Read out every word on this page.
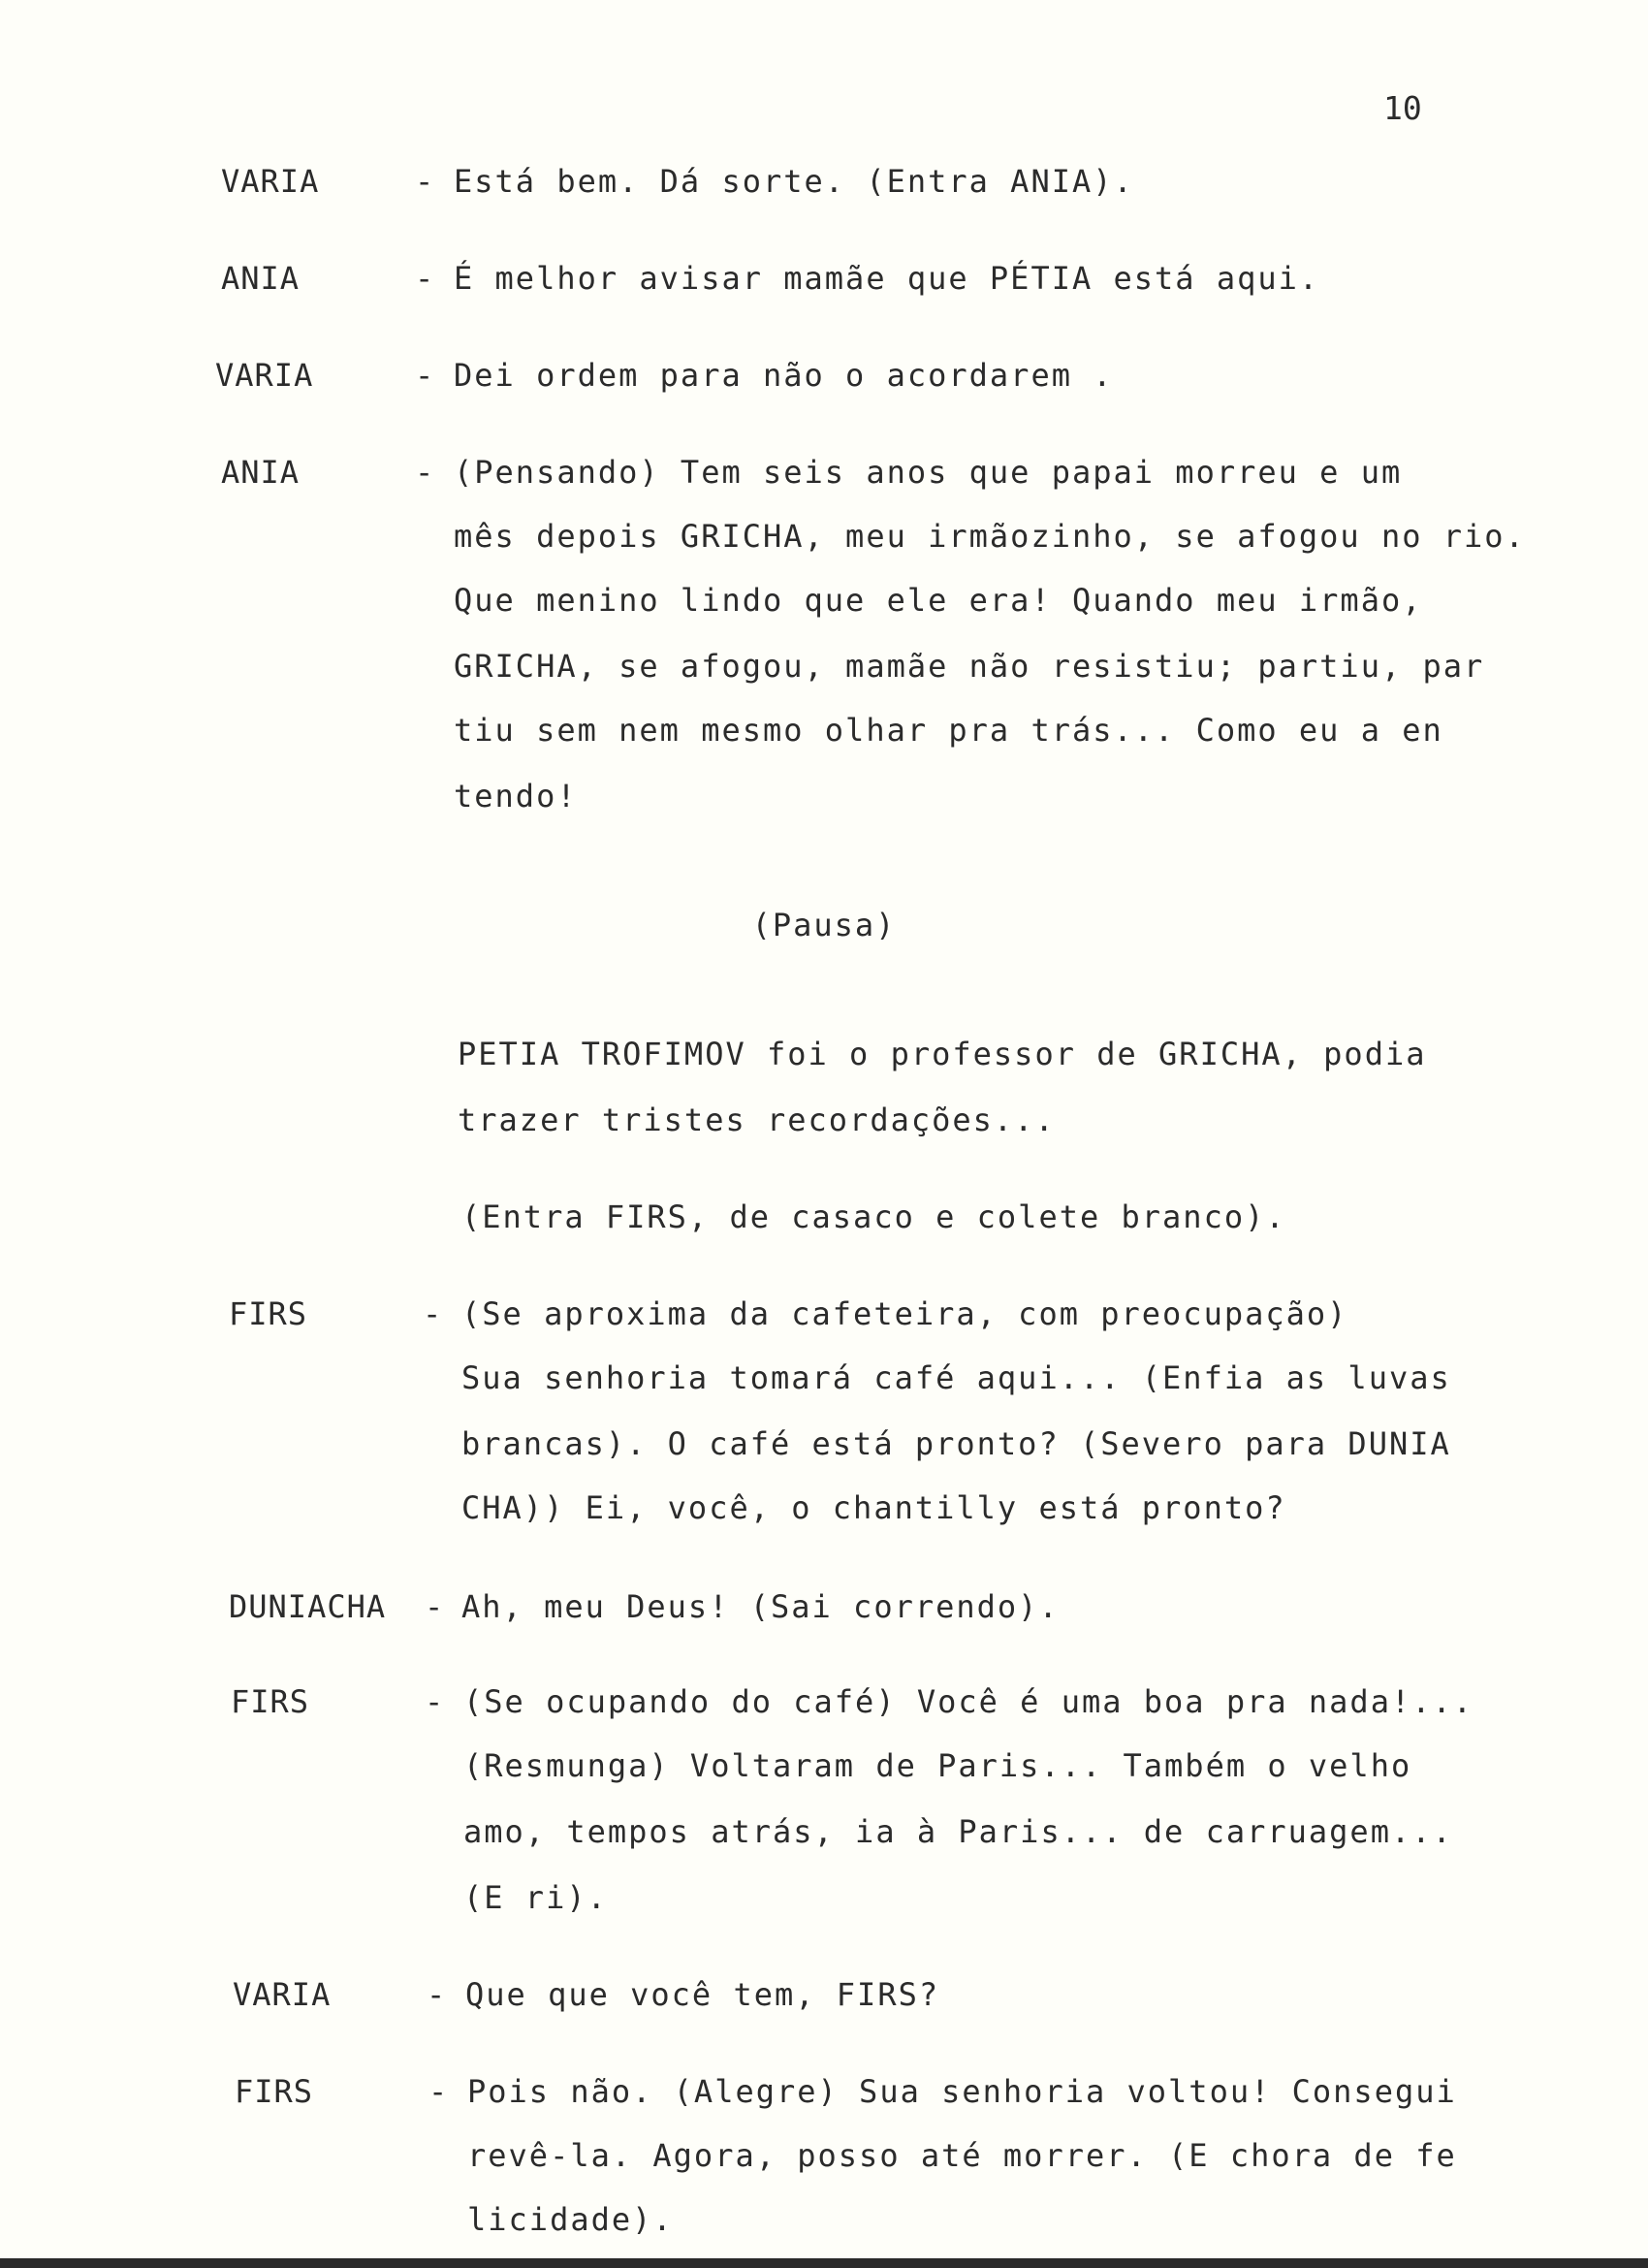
10
VARIA	- Está bem. Dá sorte. (Entra ANIA).
ANIA	- É melhor avisar mamãe que PÉTIA está aqui.
VARIA	- Dei ordem para não o acordarem .
ANIA	- (Pensando) Tem seis anos que papai morreu e um
mês depois GRICHA, meu irmãozinho, se afogou no rio.
Que menino lindo que ele era! Quando meu irmão,
GRICHA, se afogou, mamãe não resistiu; partiu, par
tiu sem nem mesmo olhar pra trás... Como eu a en
tendo!
(Pausa)
PETIA TROFIMOV foi o professor de GRICHA, podia
trazer tristes recordações...
(Entra FIRS, de casaco e colete branco).
FIRS	- (Se aproxima da cafeteira, com preocupação)
Sua senhoria tomará café aqui... (Enfia as luvas
brancas). O café está pronto? (Severo para DUNIA
CHA)) Ei, você, o chantilly está pronto?
DUNIACHA - Ah, meu Deus! (Sai correndo).
FIRS	- (Se ocupando do café) Você é uma boa pra nada!...
(Resmunga) Voltaram de Paris... Também o velho
amo, tempos atrás, ia à Paris... de carruagem...
(E ri).
VARIA	- Que que você tem, FIRS?
FIRS	- Pois não. (Alegre) Sua senhoria voltou! Consegui
revê-la. Agora, posso até morrer. (E chora de fe
licidade).
